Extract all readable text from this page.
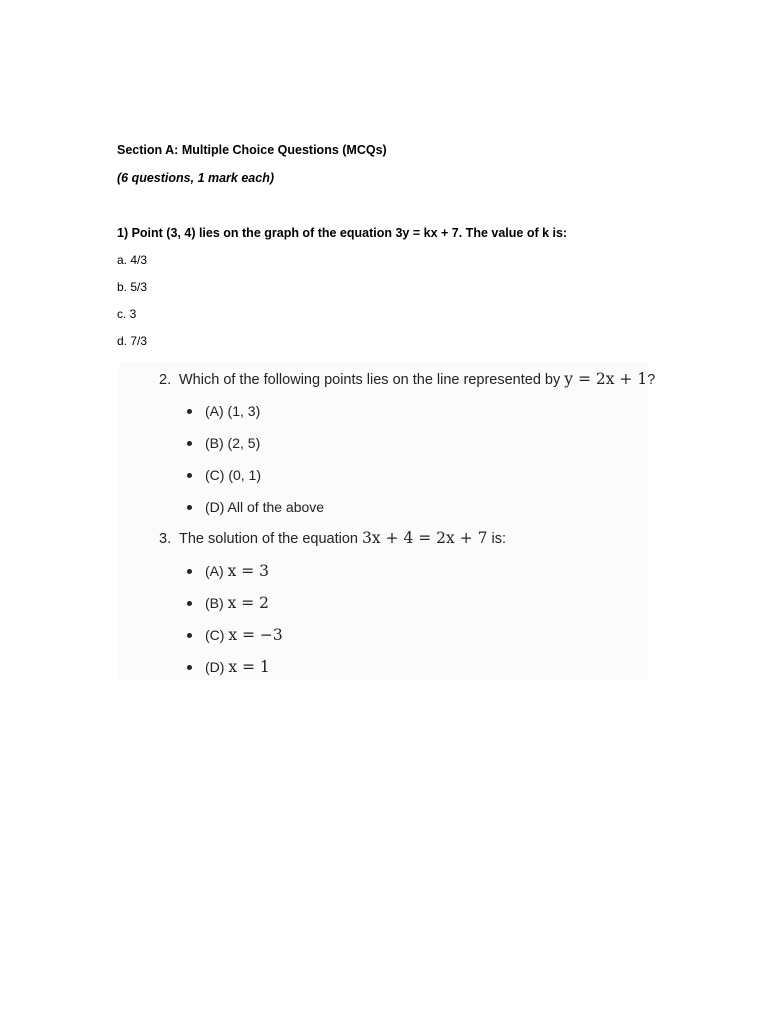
Section A: Multiple Choice Questions (MCQs)
(6 questions, 1 mark each)
1) Point (3, 4) lies on the graph of the equation 3y = kx + 7. The value of k is:
a. 4/3
b. 5/3
c. 3
d. 7/3
2. Which of the following points lies on the line represented by y = 2x + 1?
(A) (1, 3)
(B) (2, 5)
(C) (0, 1)
(D) All of the above
3. The solution of the equation 3x + 4 = 2x + 7 is:
(A) x = 3
(B) x = 2
(C) x = −3
(D) x = 1
